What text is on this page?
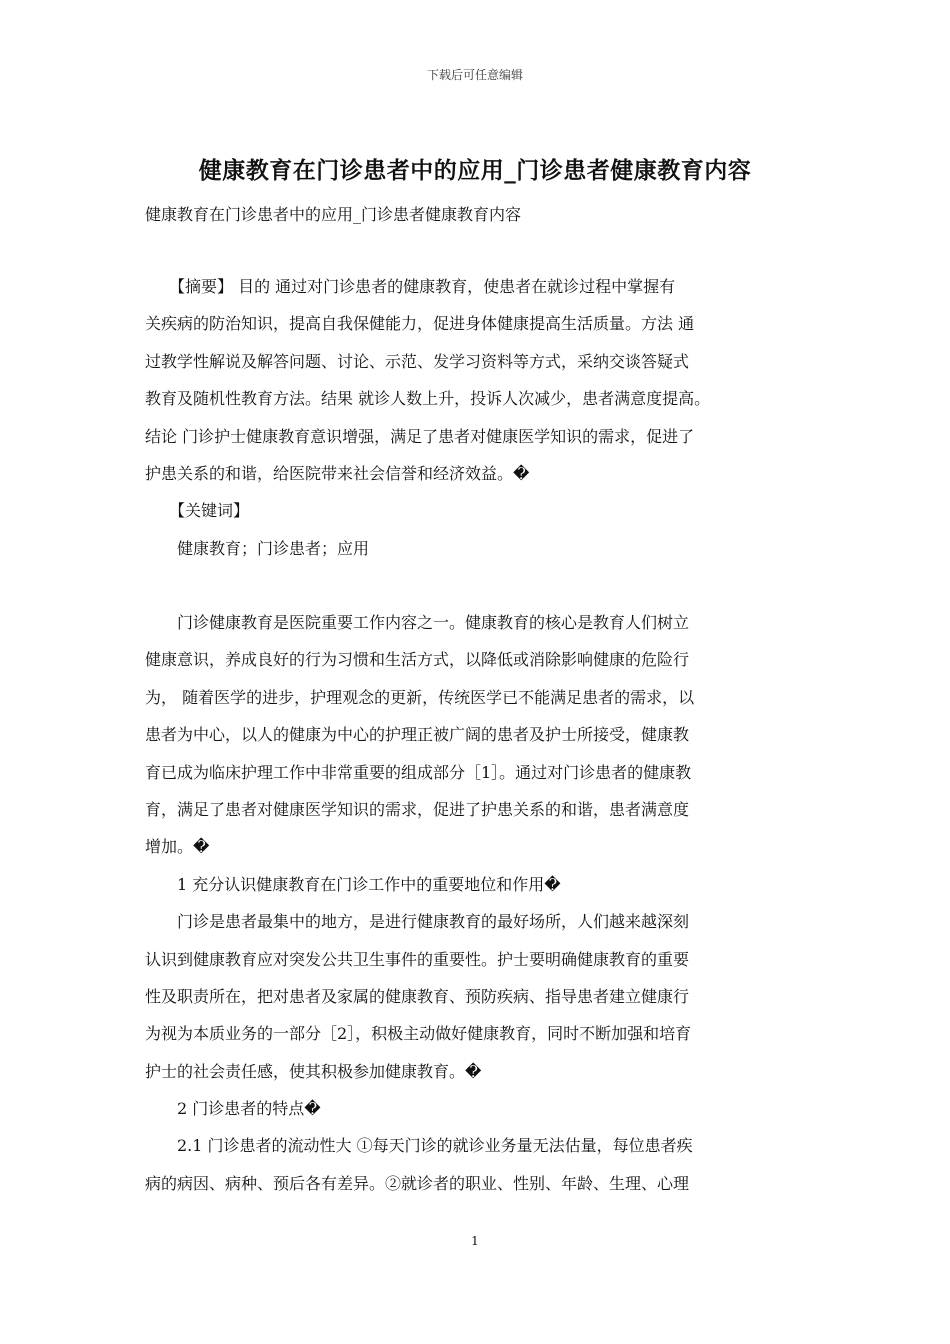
下载后可任意编辑
健康教育在门诊患者中的应用_门诊患者健康教育内容
健康教育在门诊患者中的应用_门诊患者健康教育内容
　　【摘要】 目的 通过对门诊患者的健康教育，使患者在就诊过程中掌握有
关疾病的防治知识，提高自我保健能力，促进身体健康提高生活质量。方法 通
过教学性解说及解答问题、讨论、示范、发学习资料等方式，采纳交谈答疑式
教育及随机性教育方法。结果 就诊人数上升，投诉人次减少，患者满意度提高。
结论 门诊护士健康教育意识增强，满足了患者对健康医学知识的需求，促进了
护患关系的和谐，给医院带来社会信誉和经济效益。�
　　【关键词】
　　健康教育；门诊患者；应用
　　门诊健康教育是医院重要工作内容之一。健康教育的核心是教育人们树立
健康意识，养成良好的行为习惯和生活方式，以降低或消除影响健康的危险行
为， 随着医学的进步，护理观念的更新，传统医学已不能满足患者的需求，以
患者为中心，以人的健康为中心的护理正被广阔的患者及护士所接受，健康教
育已成为临床护理工作中非常重要的组成部分［1］。通过对门诊患者的健康教
育，满足了患者对健康医学知识的需求，促进了护患关系的和谐，患者满意度
增加。�
　　1 充分认识健康教育在门诊工作中的重要地位和作用�
　　门诊是患者最集中的地方，是进行健康教育的最好场所，人们越来越深刻
认识到健康教育应对突发公共卫生事件的重要性。护士要明确健康教育的重要
性及职责所在，把对患者及家属的健康教育、预防疾病、指导患者建立健康行
为视为本质业务的一部分［2］，积极主动做好健康教育，同时不断加强和培育
护士的社会责任感，使其积极参加健康教育。�
　　2 门诊患者的特点�
　　2.1 门诊患者的流动性大 ①每天门诊的就诊业务量无法估量，每位患者疾
病的病因、病种、预后各有差异。②就诊者的职业、性别、年龄、生理、心理
1
